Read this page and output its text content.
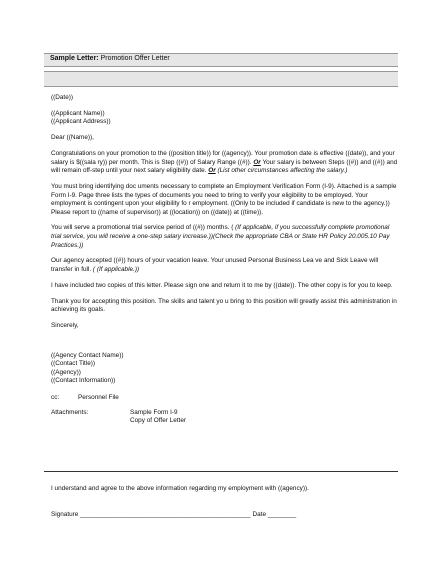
Sample Letter: Promotion Offer Letter

((Date))

((Applicant Name))

((Applicant Address))

Dear ((Name)),

Congratulations on your promotion to the ((position title)) for ((agency)). Your promotion date is effective ((date)), and your salary is $((sala ry)) per month. This is Step ((#)) of Salary Range ((#)). Or Your salary is between Steps ((#)) and ((#)) and will remain off-step until your next salary eligibility date. Or (List other circumstances affecting the salary.)

You must bring identifying doc uments necessary to complete an Employment Verification Form (I-9). Attached is a sample Form I-9. Page three lists the types of documents you need to bring to verify your eligibility to be employed. Your employment is contingent upon your eligibility fo r employment. ((Only to be included if candidate is new to the agency.)) Please report to ((name of supervisor)) at ((location)) on ((date)) at ((time)).

You will serve a promotional trial service period of ((#)) months. ( (If applicable, if you successfully complete promotional trial service, you will receive a one-step salary increase.))(Check the appropriate CBA or State HR Policy 20.005.10 Pay Practices.))

Our agency accepted ((#)) hours of your vacation leave. Your unused Personal Business Lea ve and Sick Leave will transfer in full. ( (If applicable.))

I have included two copies of this letter. Please sign one and return it to me by ((date)). The other copy is for you to keep.

Thank you for accepting this position. The skills and talent yo u bring to this position will greatly assist this administration in achieving its goals.

Sincerely,

((Agency Contact Name))
((Contact Title))
((Agency))
((Contact Information))
cc:	Personnel File
Attachments:	Sample Form I-9
Copy of Offer Letter
I understand and agree to the above information regarding my employment with ((agency)).
Signature ________________________________________________ Date ________
